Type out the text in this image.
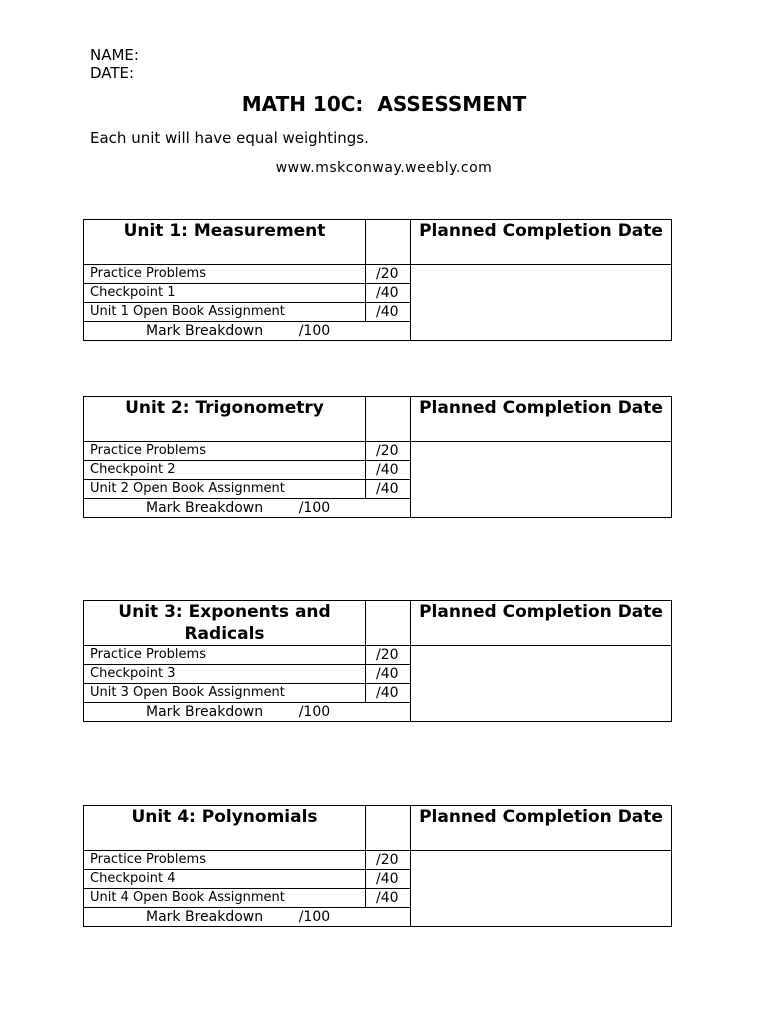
NAME:
DATE:
MATH 10C:  ASSESSMENT
Each unit will have equal weightings.
www.mskconway.weebly.com
Unit 1: Measurement		Planned Completion Date
Practice Problems	/20	
Checkpoint 1	/40	
Unit 1 Open Book Assignment	/40	
Mark Breakdown        /100		
Unit 2: Trigonometry		Planned Completion Date
Practice Problems	/20	
Checkpoint 2	/40	
Unit 2 Open Book Assignment	/40	
Mark Breakdown        /100		
Unit 3: Exponents and Radicals		Planned Completion Date
Practice Problems	/20	
Checkpoint 3	/40	
Unit 3 Open Book Assignment	/40	
Mark Breakdown        /100		
Unit 4: Polynomials		Planned Completion Date
Practice Problems	/20	
Checkpoint 4	/40	
Unit 4 Open Book Assignment	/40	
Mark Breakdown        /100		
